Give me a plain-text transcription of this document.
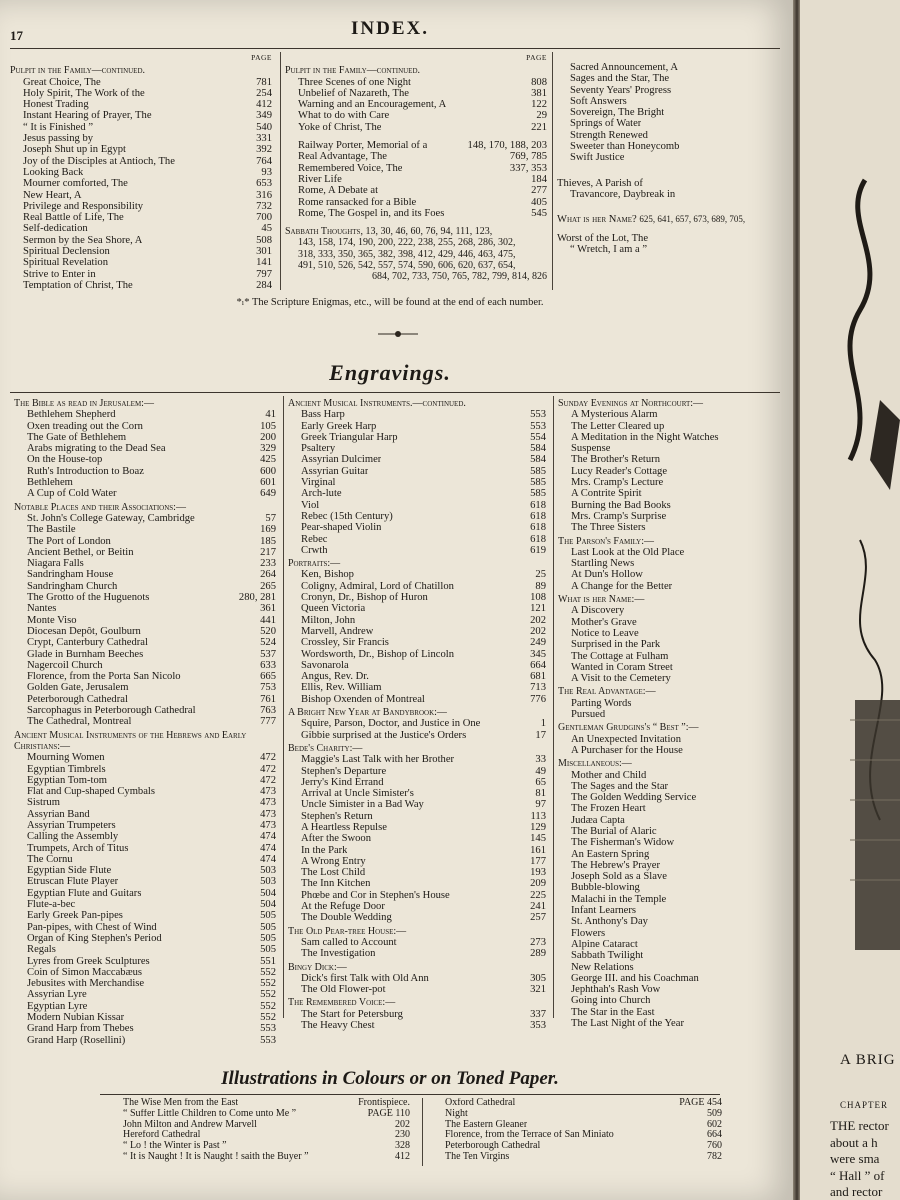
17	INDEX.
PAGE
Pulpit in the Family—continued.
Great Choice, The	781
Holy Spirit, The Work of the	254
Honest Trading	412
Instant Hearing of Prayer, The	349
“ It is Finished ”	540
Jesus passing by	331
Joseph Shut up in Egypt	392
Joy of the Disciples at Antioch, The	764
Looking Back	93
Mourner comforted, The	653
New Heart, A	316
Privilege and Responsibility	732
Real Battle of Life, The	700
Self-dedication	45
Sermon by the Sea Shore, A	508
Spiritual Declension	301
Spiritual Revelation	141
Strive to Enter in	797
Temptation of Christ, The	284
PAGE
Pulpit in the Family—continued.
Three Scenes of one Night	808
Unbelief of Nazareth, The	381
Warning and an Encouragement, A	122
What to do with Care	29
Yoke of Christ, The	221
Railway Porter, Memorial of a	148, 170, 188, 203
Real Advantage, The	769, 785
Remembered Voice, The	337, 353
River Life	184
Rome, A Debate at	277
Rome ransacked for a Bible	405
Rome, The Gospel in, and its Foes	545
Sabbath Thoughts, 13, 30, 46, 60, 76, 94, 111, 123,
143, 158, 174, 190, 200, 222, 238, 255, 268, 286, 302,
318, 333, 350, 365, 382, 398, 412, 429, 446, 463, 475,
491, 510, 526, 542, 557, 574, 590, 606, 620, 637, 654,
684, 702, 733, 750, 765, 782, 799, 814, 826
Sacred Announcement, A
Sages and the Star, The
Seventy Years' Progress
Soft Answers
Sovereign, The Bright
Springs of Water
Strength Renewed
Sweeter than Honeycomb
Swift Justice
Thieves, A Parish of
Travancore, Daybreak in
What is her Name? 625, 641, 657, 673, 689, 705,
Worst of the Lot, The
“ Wretch, I am a ”
*ₗ* The Scripture Enigmas, etc., will be found at the end of each number.
Engravings.
The Bible as read in Jerusalem:—
Bethlehem Shepherd	41
Oxen treading out the Corn	105
The Gate of Bethlehem	200
Arabs migrating to the Dead Sea	329
On the House-top	425
Ruth's Introduction to Boaz	600
Bethlehem	601
A Cup of Cold Water	649
Notable Places and their Associations:—
St. John's College Gateway, Cambridge	57
The Bastile	169
The Port of London	185
Ancient Bethel, or Beitin	217
Niagara Falls	233
Sandringham House	264
Sandringham Church	265
The Grotto of the Huguenots	280, 281
Nantes	361
Monte Viso	441
Diocesan Depôt, Goulburn	520
Crypt, Canterbury Cathedral	524
Glade in Burnham Beeches	537
Nagercoil Church	633
Florence, from the Porta San Nicolo	665
Golden Gate, Jerusalem	753
Peterborough Cathedral	761
Sarcophagus in Peterborough Cathedral	763
The Cathedral, Montreal	777
Ancient Musical Instruments of the Hebrews and Early Christians:—
Mourning Women	472
Egyptian Timbrels	472
Egyptian Tom-tom	472
Flat and Cup-shaped Cymbals	473
Sistrum	473
Assyrian Band	473
Assyrian Trumpeters	473
Calling the Assembly	474
Trumpets, Arch of Titus	474
The Cornu	474
Egyptian Side Flute	503
Etruscan Flute Player	503
Egyptian Flute and Guitars	504
Flute-a-bec	504
Early Greek Pan-pipes	505
Pan-pipes, with Chest of Wind	505
Organ of King Stephen's Period	505
Regals	505
Lyres from Greek Sculptures	551
Coin of Simon Maccabæus	552
Jebusites with Merchandise	552
Assyrian Lyre	552
Egyptian Lyre	552
Modern Nubian Kissar	552
Grand Harp from Thebes	553
Grand Harp (Rosellini)	553
Ancient Musical Instruments.—continued.
Bass Harp	553
Early Greek Harp	553
Greek Triangular Harp	554
Psaltery	584
Assyrian Dulcimer	584
Assyrian Guitar	585
Virginal	585
Arch-lute	585
Viol	618
Rebec (15th Century)	618
Pear-shaped Violin	618
Rebec	618
Crwth	619
Portraits:—
Ken, Bishop	25
Coligny, Admiral, Lord of Chatillon	89
Cronyn, Dr., Bishop of Huron	108
Queen Victoria	121
Milton, John	202
Marvell, Andrew	202
Crossley, Sir Francis	249
Wordsworth, Dr., Bishop of Lincoln	345
Savonarola	664
Angus, Rev. Dr.	681
Ellis, Rev. William	713
Bishop Oxenden of Montreal	776
A Bright New Year at Bandybrook:—
Squire, Parson, Doctor, and Justice in One	1
Gibbie surprised at the Justice's Orders	17
Bede's Charity:—
Maggie's Last Talk with her Brother	33
Stephen's Departure	49
Jerry's Kind Errand	65
Arrival at Uncle Simister's	81
Uncle Simister in a Bad Way	97
Stephen's Return	113
A Heartless Repulse	129
After the Swoon	145
In the Park	161
A Wrong Entry	177
The Lost Child	193
The Inn Kitchen	209
Phœbe and Cor in Stephen's House	225
At the Refuge Door	241
The Double Wedding	257
The Old Pear-tree House:—
Sam called to Account	273
The Investigation	289
Bingy Dick:—
Dick's first Talk with Old Ann	305
The Old Flower-pot	321
The Remembered Voice:—
The Start for Petersburg	337
The Heavy Chest	353
Sunday Evenings at Northcourt:—
A Mysterious Alarm
The Letter Cleared up
A Meditation in the Night Watches
Suspense
The Brother's Return
Lucy Reader's Cottage
Mrs. Cramp's Lecture
A Contrite Spirit
Burning the Bad Books
Mrs. Cramp's Surprise
The Three Sisters
The Parson's Family:—
Last Look at the Old Place
Startling News
At Dun's Hollow
A Change for the Better
What is her Name:—
A Discovery
Mother's Grave
Notice to Leave
Surprised in the Park
The Cottage at Fulham
Wanted in Coram Street
A Visit to the Cemetery
The Real Advantage:—
Parting Words
Pursued
Gentleman Grudgins's “ Best ”:—
An Unexpected Invitation
A Purchaser for the House
Miscellaneous:—
Mother and Child
The Sages and the Star
The Golden Wedding Service
The Frozen Heart
Judæa Capta
The Burial of Alaric
The Fisherman's Widow
An Eastern Spring
The Hebrew's Prayer
Joseph Sold as a Slave
Bubble-blowing
Malachi in the Temple
Infant Learners
St. Anthony's Day
Flowers
Alpine Cataract
Sabbath Twilight
New Relations
George III. and his Coachman
Jephthah's Rash Vow
Going into Church
The Star in the East
The Last Night of the Year
Illustrations in Colours or on Toned Paper.
The Wise Men from the East	Frontispiece.
“ Suffer Little Children to Come unto Me ”	PAGE 110
John Milton and Andrew Marvell	202
Hereford Cathedral	230
“ Lo ! the Winter is Past ”	328
“ It is Naught ! It is Naught ! saith the Buyer ”	412
Oxford Cathedral	PAGE 454
Night	509
The Eastern Gleaner	602
Florence, from the Terrace of San Miniato	664
Peterborough Cathedral	760
The Ten Virgins	782
A BRIG
CHAPTER
THE rector
about a h
were sma
“ Hall ” of
and rector
